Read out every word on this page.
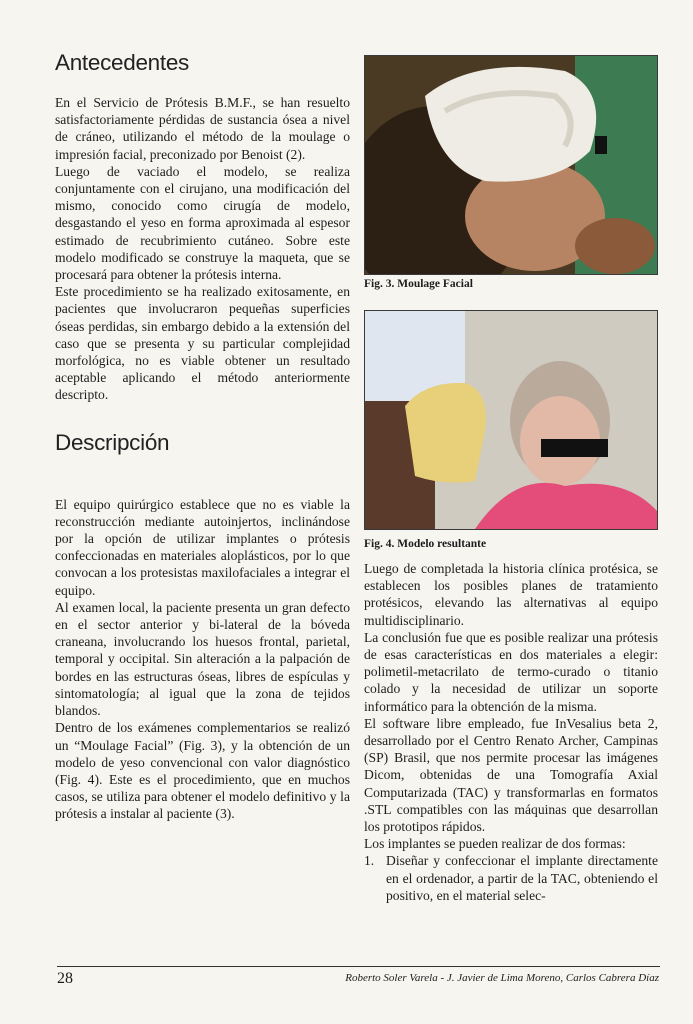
Antecedentes

En el Servicio de Prótesis B.M.F., se han resuelto satisfactoriamente pérdidas de sustancia ósea a nivel de cráneo, utilizando el método de la moulage o impresión facial, preconizado por Benoist (2).

Luego de vaciado el modelo, se realiza conjuntamente con el cirujano, una modificación del mismo, conocido como cirugía de modelo, desgastando el yeso en forma aproximada al espesor estimado de recubrimiento cutáneo. Sobre este modelo modificado se construye la maqueta, que se procesará para obtener la prótesis interna.

Este procedimiento se ha realizado exitosamente, en pacientes que involucraron pequeñas superficies óseas perdidas, sin embargo debido a la extensión del caso que se presenta y su particular complejidad morfológica, no es viable obtener un resultado aceptable aplicando el método anteriormente descripto.

Descripción

El equipo quirúrgico establece que no es viable la reconstrucción mediante autoinjertos, inclinándose por la opción de utilizar implantes o prótesis confeccionadas en materiales aloplásticos, por lo que convocan a los protesistas maxilofaciales a integrar el equipo.

Al examen local, la paciente presenta un gran defecto en el sector anterior y bi-lateral de la bóveda craneana, involucrando los huesos frontal, parietal, temporal y occipital. Sin alteración a la palpación de bordes en las estructuras óseas, libres de espículas y sintomatología; al igual que la zona de tejidos blandos.

Dentro de los exámenes complementarios se realizó un “Moulage Facial” (Fig. 3), y la obtención de un modelo de yeso convencional con valor diagnóstico (Fig. 4). Este es el procedimiento, que en muchos casos, se utiliza para obtener el modelo definitivo y la prótesis a instalar al paciente (3).

Fig. 3. Moulage Facial

Fig. 4. Modelo resultante

Luego de completada la historia clínica protésica, se establecen los posibles planes de tratamiento protésicos, elevando las alternativas al equipo multidisciplinario.

La conclusión fue que es posible realizar una prótesis de esas características en dos materiales a elegir: polimetil-metacrilato de termo-curado o titanio colado y la necesidad de utilizar un soporte informático para la obtención de la misma.

El software libre empleado, fue InVesalius beta 2, desarrollado por el Centro Renato Archer, Campinas (SP) Brasil, que nos permite procesar las imágenes Dicom, obtenidas de una Tomografía Axial Computarizada (TAC) y transformarlas en formatos .STL compatibles con las máquinas que desarrollan los prototipos rápidos.

Los implantes se pueden realizar de dos formas:

1. Diseñar y confeccionar el implante directamente en el ordenador, a partir de la TAC, obteniendo el positivo, en el material selec-
28	Roberto Soler Varela - J. Javier de Lima Moreno, Carlos Cabrera Díaz
